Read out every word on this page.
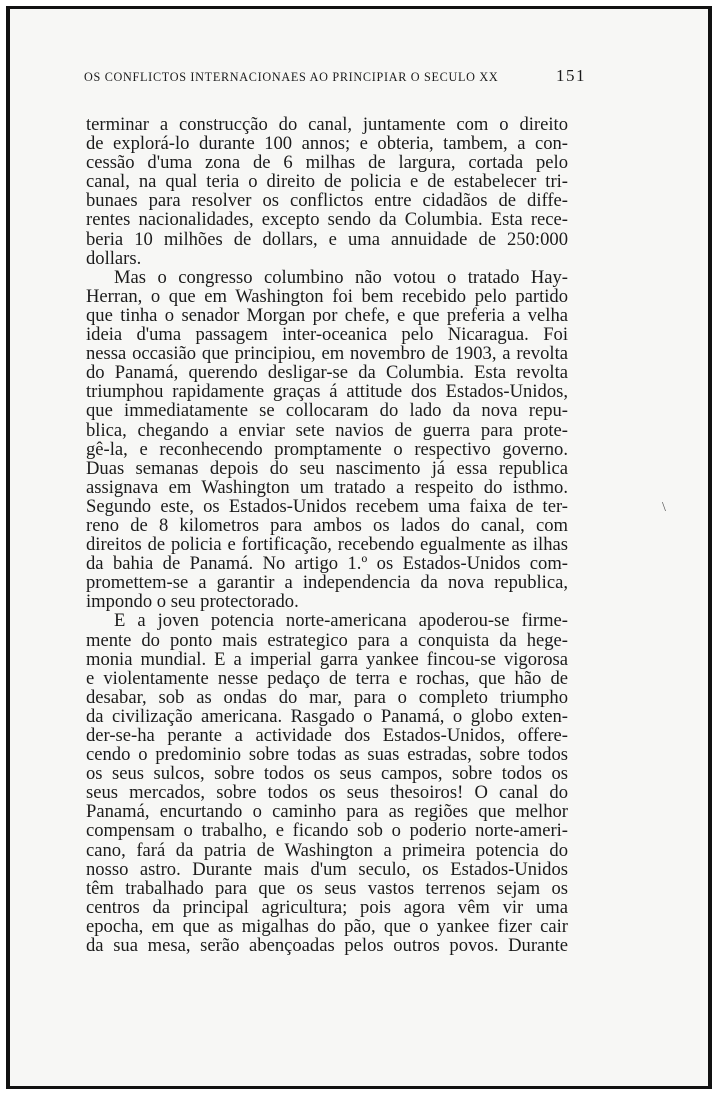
OS CONFLICTOS INTERNACIONAES AO PRINCIPIAR O SECULO XX	151
\
terminar a construcção do canal, juntamente com o direito
de explorá-lo durante 100 annos; e obteria, tambem, a con-
cessão d'uma zona de 6 milhas de largura, cortada pelo
canal, na qual teria o direito de policia e de estabelecer tri-
bunaes para resolver os conflictos entre cidadãos de diffe-
rentes nacionalidades, excepto sendo da Columbia. Esta rece-
beria 10 milhões de dollars, e uma annuidade de 250:000
dollars.
Mas o congresso columbino não votou o tratado Hay-
Herran, o que em Washington foi bem recebido pelo partido
que tinha o senador Morgan por chefe, e que preferia a velha
ideia d'uma passagem inter-oceanica pelo Nicaragua. Foi
nessa occasião que principiou, em novembro de 1903, a revolta
do Panamá, querendo desligar-se da Columbia. Esta revolta
triumphou rapidamente graças á attitude dos Estados-Unidos,
que immediatamente se collocaram do lado da nova repu-
blica, chegando a enviar sete navios de guerra para prote-
gê-la, e reconhecendo promptamente o respectivo governo.
Duas semanas depois do seu nascimento já essa republica
assignava em Washington um tratado a respeito do isthmo.
Segundo este, os Estados-Unidos recebem uma faixa de ter-
reno de 8 kilometros para ambos os lados do canal, com
direitos de policia e fortificação, recebendo egualmente as ilhas
da bahia de Panamá. No artigo 1.º os Estados-Unidos com-
promettem-se a garantir a independencia da nova republica,
impondo o seu protectorado.
E a joven potencia norte-americana apoderou-se firme-
mente do ponto mais estrategico para a conquista da hege-
monia mundial. E a imperial garra yankee fincou-se vigorosa
e violentamente nesse pedaço de terra e rochas, que hão de
desabar, sob as ondas do mar, para o completo triumpho
da civilização americana. Rasgado o Panamá, o globo exten-
der-se-ha perante a actividade dos Estados-Unidos, offere-
cendo o predominio sobre todas as suas estradas, sobre todos
os seus sulcos, sobre todos os seus campos, sobre todos os
seus mercados, sobre todos os seus thesoiros! O canal do
Panamá, encurtando o caminho para as regiões que melhor
compensam o trabalho, e ficando sob o poderio norte-ameri-
cano, fará da patria de Washington a primeira potencia do
nosso astro. Durante mais d'um seculo, os Estados-Unidos
têm trabalhado para que os seus vastos terrenos sejam os
centros da principal agricultura; pois agora vêm vir uma
epocha, em que as migalhas do pão, que o yankee fizer cair
da sua mesa, serão abençoadas pelos outros povos. Durante
